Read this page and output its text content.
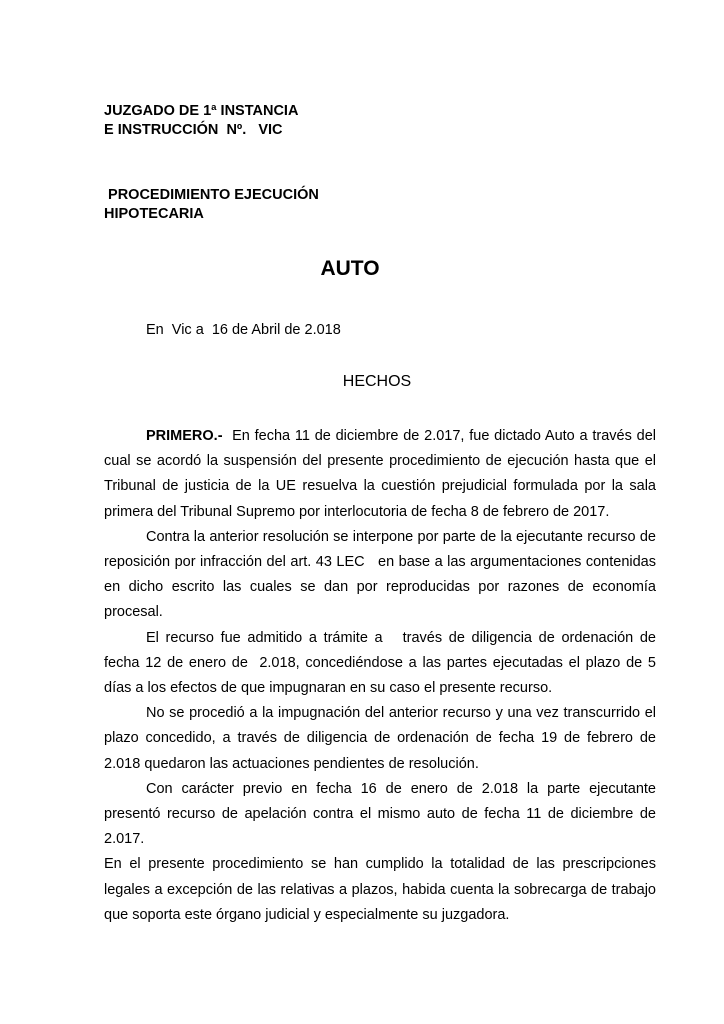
JUZGADO DE 1ª INSTANCIA
E INSTRUCCIÓN  Nº.   VIC
PROCEDIMIENTO EJECUCIÓN
HIPOTECARIA
AUTO
En  Vic a  16 de Abril de 2.018
HECHOS

PRIMERO.-  En fecha 11 de diciembre de 2.017, fue dictado Auto a través del cual se acordó la suspensión del presente procedimiento de ejecución hasta que el Tribunal de justicia de la UE resuelva la cuestión prejudicial formulada por la sala primera del Tribunal Supremo por interlocutoria de fecha 8 de febrero de 2017.

Contra la anterior resolución se interpone por parte de la ejecutante recurso de reposición por infracción del art. 43 LEC   en base a las argumentaciones contenidas en dicho escrito las cuales se dan por reproducidas por razones de economía procesal.

El recurso fue admitido a trámite a   través de diligencia de ordenación de fecha 12 de enero de  2.018, concediéndose a las partes ejecutadas el plazo de 5 días a los efectos de que impugnaran en su caso el presente recurso.

No se procedió a la impugnación del anterior recurso y una vez transcurrido el plazo concedido, a través de diligencia de ordenación de fecha 19 de febrero de 2.018 quedaron las actuaciones pendientes de resolución.

Con carácter previo en fecha 16 de enero de 2.018 la parte ejecutante presentó recurso de apelación contra el mismo auto de fecha 11 de diciembre de 2.017.

En el presente procedimiento se han cumplido la totalidad de las prescripciones legales a excepción de las relativas a plazos, habida cuenta la sobrecarga de trabajo que soporta este órgano judicial y especialmente su juzgadora.
